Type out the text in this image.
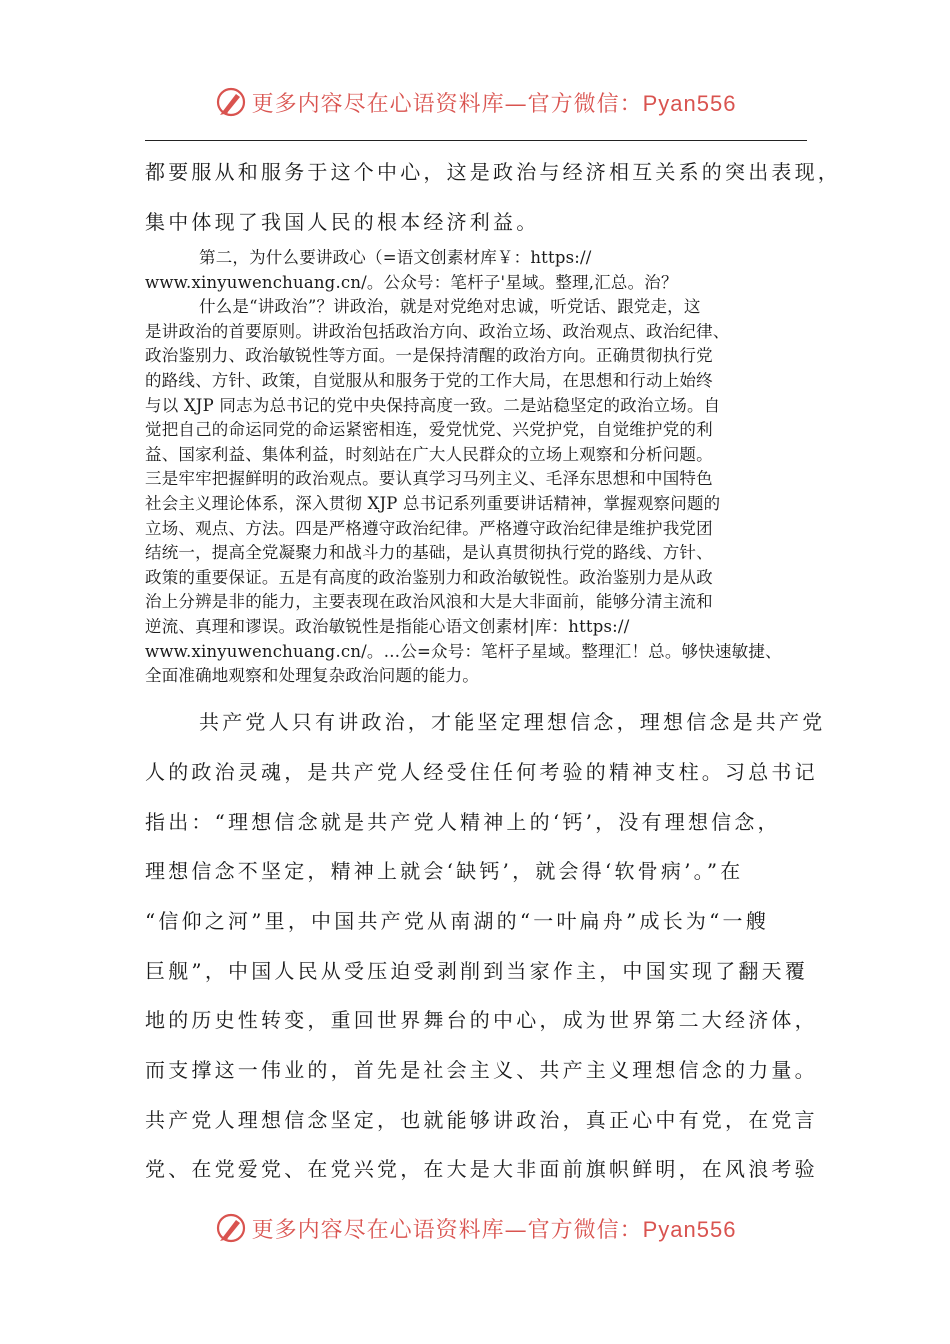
更多内容尽在心语资料库—官方微信：Pyan556
都要服从和服务于这个中心，这是政治与经济相互关系的突出表现，
集中体现了我国人民的根本经济利益。
第二，为什么要讲政心（=语文创素材库￥：https://
www.xinyuwenchuang.cn/。公众号：笔杆子'星域。整理,汇总。治？
什么是“讲政治”？讲政治，就是对党绝对忠诚，听党话、跟党走，这
是讲政治的首要原则。讲政治包括政治方向、政治立场、政治观点、政治纪律、
政治鉴别力、政治敏锐性等方面。一是保持清醒的政治方向。正确贯彻执行党
的路线、方针、政策，自觉服从和服务于党的工作大局，在思想和行动上始终
与以 XJP 同志为总书记的党中央保持高度一致。二是站稳坚定的政治立场。自
觉把自己的命运同党的命运紧密相连，爱党忧党、兴党护党，自觉维护党的利
益、国家利益、集体利益，时刻站在广大人民群众的立场上观察和分析问题。
三是牢牢把握鲜明的政治观点。要认真学习马列主义、毛泽东思想和中国特色
社会主义理论体系，深入贯彻 XJP 总书记系列重要讲话精神，掌握观察问题的
立场、观点、方法。四是严格遵守政治纪律。严格遵守政治纪律是维护我党团
结统一，提高全党凝聚力和战斗力的基础，是认真贯彻执行党的路线、方针、
政策的重要保证。五是有高度的政治鉴别力和政治敏锐性。政治鉴别力是从政
治上分辨是非的能力，主要表现在政治风浪和大是大非面前，能够分清主流和
逆流、真理和谬误。政治敏锐性是指能心语文创素材|库：https://
www.xinyuwenchuang.cn/。…公=众号：笔杆子星域。整理汇！总。够快速敏捷、
全面准确地观察和处理复杂政治问题的能力。
共产党人只有讲政治，才能坚定理想信念，理想信念是共产党
人的政治灵魂，是共产党人经受住任何考验的精神支柱。习总书记
指出：“理想信念就是共产党人精神上的‘钙’，没有理想信念，
理想信念不坚定，精神上就会‘缺钙’，就会得‘软骨病’。”在
“信仰之河”里，中国共产党从南湖的“一叶扁舟”成长为“一艘
巨舰”，中国人民从受压迫受剥削到当家作主，中国实现了翻天覆
地的历史性转变，重回世界舞台的中心，成为世界第二大经济体，
而支撑这一伟业的，首先是社会主义、共产主义理想信念的力量。
共产党人理想信念坚定，也就能够讲政治，真正心中有党，在党言
党、在党爱党、在党兴党，在大是大非面前旗帜鲜明，在风浪考验
更多内容尽在心语资料库—官方微信：Pyan556
